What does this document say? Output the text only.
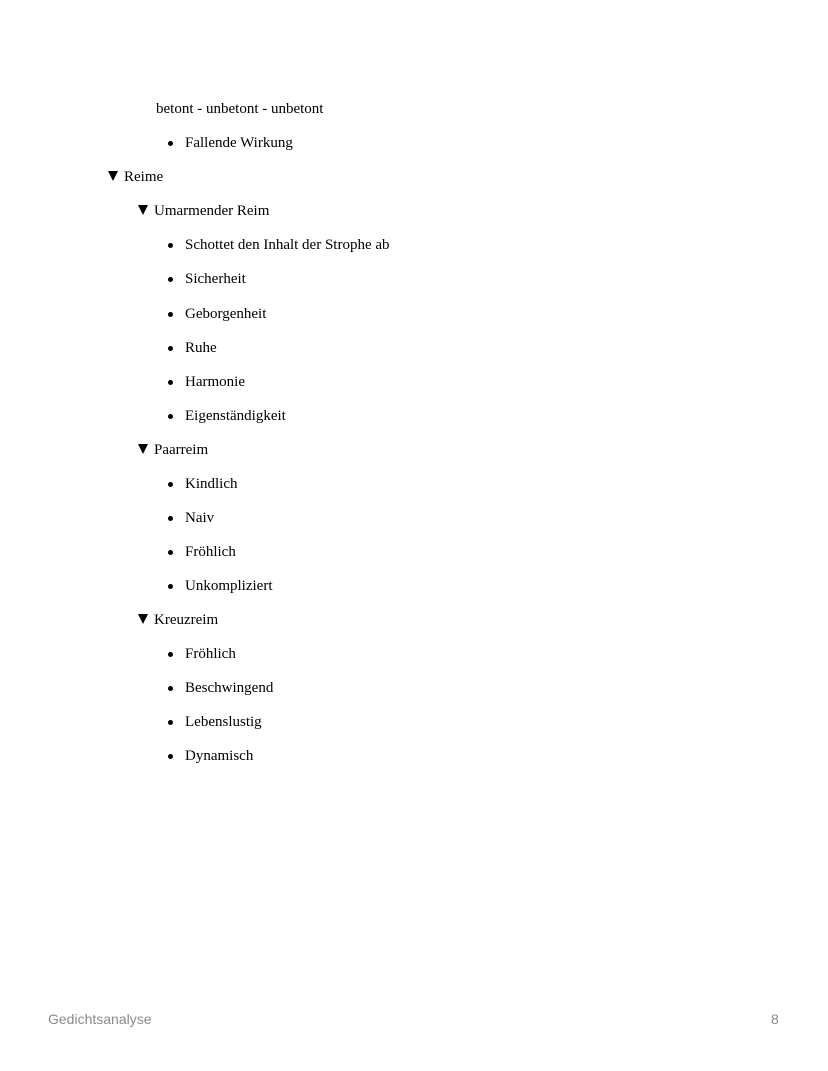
betont - unbetont - unbetont
Fallende Wirkung
Reime
Umarmender Reim
Schottet den Inhalt der Strophe ab
Sicherheit
Geborgenheit
Ruhe
Harmonie
Eigenständigkeit
Paarreim
Kindlich
Naiv
Fröhlich
Unkompliziert
Kreuzreim
Fröhlich
Beschwingend
Lebenslustig
Dynamisch
Gedichtsanalyse	8
